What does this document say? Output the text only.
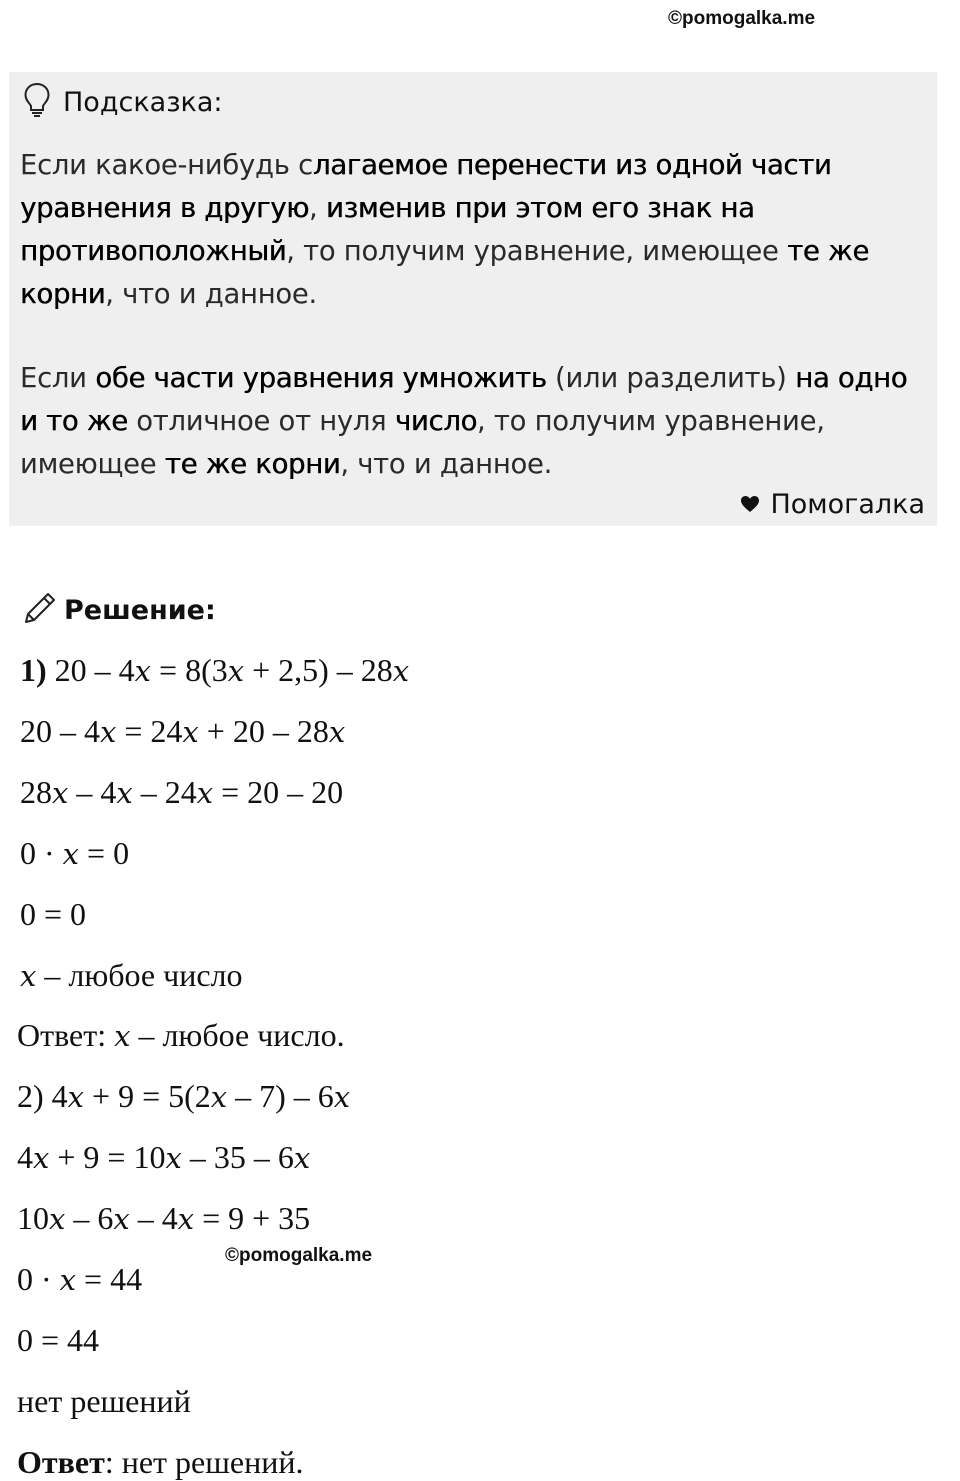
©pomogalka.me
Подсказка:

Если какое-нибудь слагаемое перенести из одной части уравнения в другую, изменив при этом его знак на противоположный, то получим уравнение, имеющее те же корни, что и данное.

Если обе части уравнения умножить (или разделить) на одно и то же отличное от нуля число, то получим уравнение, имеющее те же корни, что и данное.

Помогалка
Решение:

1) 20 – 4x = 8(3x + 2,5) – 28x

20 – 4x = 24x + 20 – 28x

28x – 4x – 24x = 20 – 20

0 · x = 0

0 = 0

x – любое число

Ответ: x – любое число.

2) 4x + 9 = 5(2x – 7) – 6x

4x + 9 = 10x – 35 – 6x

10x – 6x – 4x = 9 + 35

0 · x = 44

0 = 44

нет решений

Ответ: нет решений.

©pomogalka.me
